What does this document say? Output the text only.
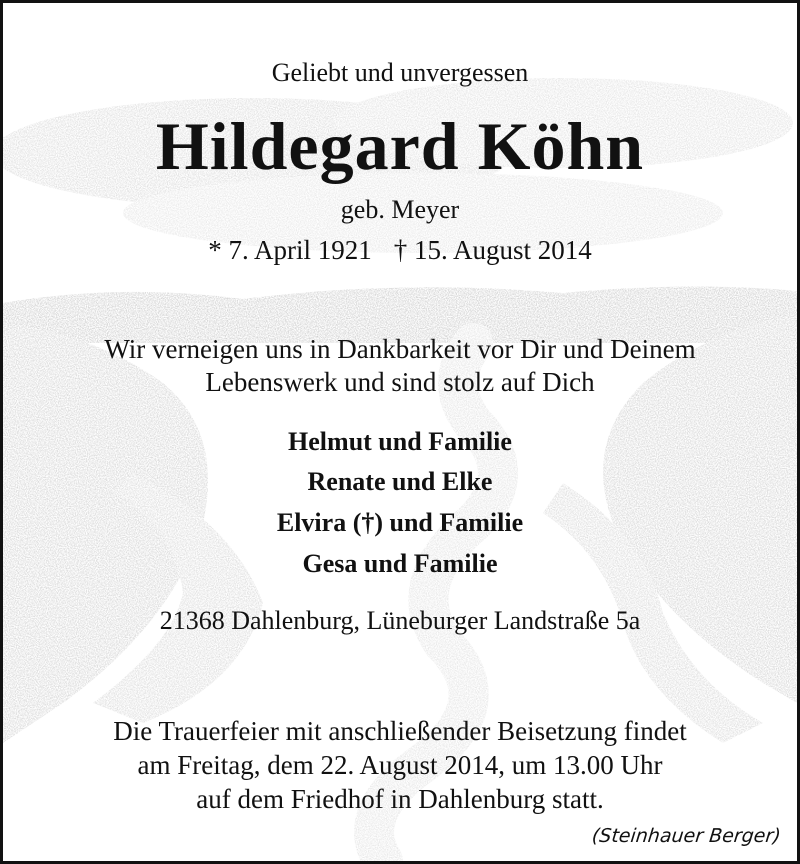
Geliebt und unvergessen
Hildegard Köhn
geb. Meyer
* 7. April 1921 † 15. August 2014
Wir verneigen uns in Dankbarkeit vor Dir und Deinem
Lebenswerk und sind stolz auf Dich
Helmut und Familie
Renate und Elke
Elvira (†) und Familie
Gesa und Familie
21368 Dahlenburg, Lüneburger Landstraße 5a
Die Trauerfeier mit anschließender Beisetzung findet
am Freitag, dem 22. August 2014, um 13.00 Uhr
auf dem Friedhof in Dahlenburg statt.
(Steinhauer Berger)
